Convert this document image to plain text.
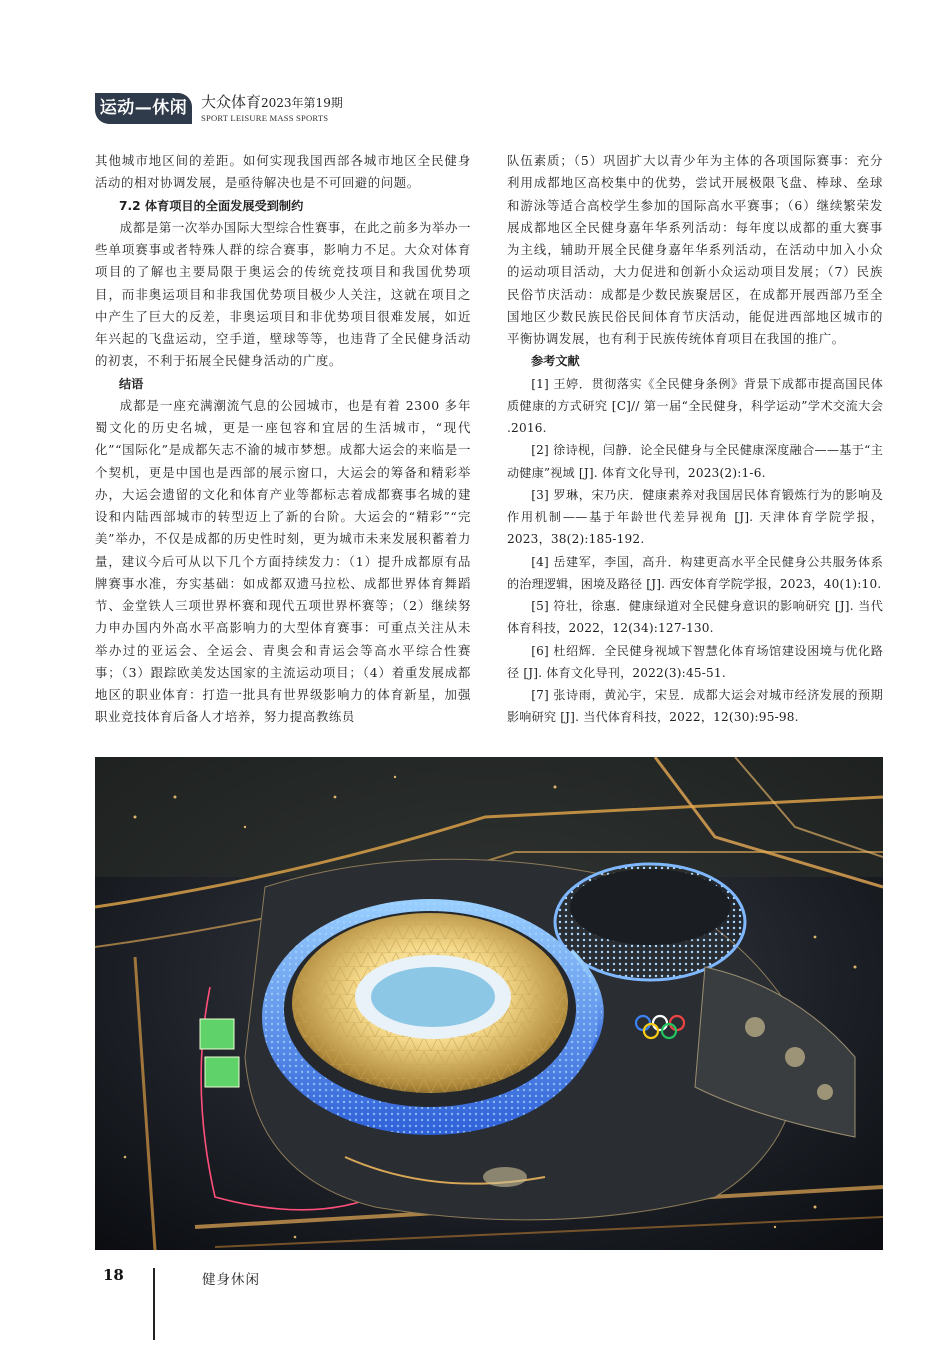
运动—休闲 大众体育2023年第19期
SPORT LEISURE MASS SPORTS

其他城市地区间的差距。如何实现我国西部各城市地区全民健身活动的相对协调发展，是亟待解决也是不可回避的问题。

7.2 体育项目的全面发展受到制约

成都是第一次举办国际大型综合性赛事，在此之前多为举办一些单项赛事或者特殊人群的综合赛事，影响力不足。大众对体育项目的了解也主要局限于奥运会的传统竞技项目和我国优势项目，而非奥运项目和非我国优势项目极少人关注，这就在项目之中产生了巨大的反差，非奥运项目和非优势项目很难发展，如近年兴起的飞盘运动，空手道，壁球等等，也违背了全民健身活动的初衷，不利于拓展全民健身活动的广度。

结语

成都是一座充满潮流气息的公园城市，也是有着 2300 多年蜀文化的历史名城，更是一座包容和宜居的生活城市，“现代化”“国际化”是成都矢志不渝的城市梦想。成都大运会的来临是一个契机，更是中国也是西部的展示窗口，大运会的筹备和精彩举办，大运会遗留的文化和体育产业等都标志着成都赛事名城的建设和内陆西部城市的转型迈上了新的台阶。大运会的“精彩”“完美”举办，不仅是成都的历史性时刻，更为城市未来发展积蓄着力量，建议今后可从以下几个方面持续发力：（1）提升成都原有品牌赛事水准，夯实基础：如成都双遗马拉松、成都世界体育舞蹈节、金堂铁人三项世界杯赛和现代五项世界杯赛等；（2）继续努力申办国内外高水平高影响力的大型体育赛事：可重点关注从未举办过的亚运会、全运会、青奥会和青运会等高水平综合性赛事；（3）跟踪欧美发达国家的主流运动项目；（4）着重发展成都地区的职业体育：打造一批具有世界级影响力的体育新星，加强职业竞技体育后备人才培养，努力提高教练员

队伍素质；（5）巩固扩大以青少年为主体的各项国际赛事：充分利用成都地区高校集中的优势，尝试开展极限飞盘、棒球、垒球和游泳等适合高校学生参加的国际高水平赛事；（6）继续繁荣发展成都地区全民健身嘉年华系列活动：每年度以成都的重大赛事为主线，辅助开展全民健身嘉年华系列活动，在活动中加入小众的运动项目活动，大力促进和创新小众运动项目发展；（7）民族民俗节庆活动：成都是少数民族聚居区，在成都开展西部乃至全国地区少数民族民俗民间体育节庆活动，能促进西部地区城市的平衡协调发展，也有利于民族传统体育项目在我国的推广。

参考文献

[1] 王婷．贯彻落实《全民健身条例》背景下成都市提高国民体质健康的方式研究 [C]// 第一届“全民健身，科学运动”学术交流大会 .2016.

[2] 徐诗枧，闫静．论全民健身与全民健康深度融合——基于“主动健康”视域 [J]. 体育文化导刊，2023(2):1-6.

[3] 罗琳，宋乃庆．健康素养对我国居民体育锻炼行为的影响及作用机制——基于年龄世代差异视角 [J]. 天津体育学院学报，2023，38(2):185-192.

[4] 岳建军，李国，高升．构建更高水平全民健身公共服务体系的治理逻辑，困境及路径 [J]. 西安体育学院学报，2023，40(1):10.

[5] 符壮，徐惠．健康绿道对全民健身意识的影响研究 [J]. 当代体育科技，2022，12(34):127-130.

[6] 杜绍辉．全民健身视域下智慧化体育场馆建设困境与优化路径 [J]. 体育文化导刊，2022(3):45-51.

[7] 张诗雨，黄沁宇，宋昱．成都大运会对城市经济发展的预期影响研究 [J]. 当代体育科技，2022，12(30):95-98.

18	健身休闲
